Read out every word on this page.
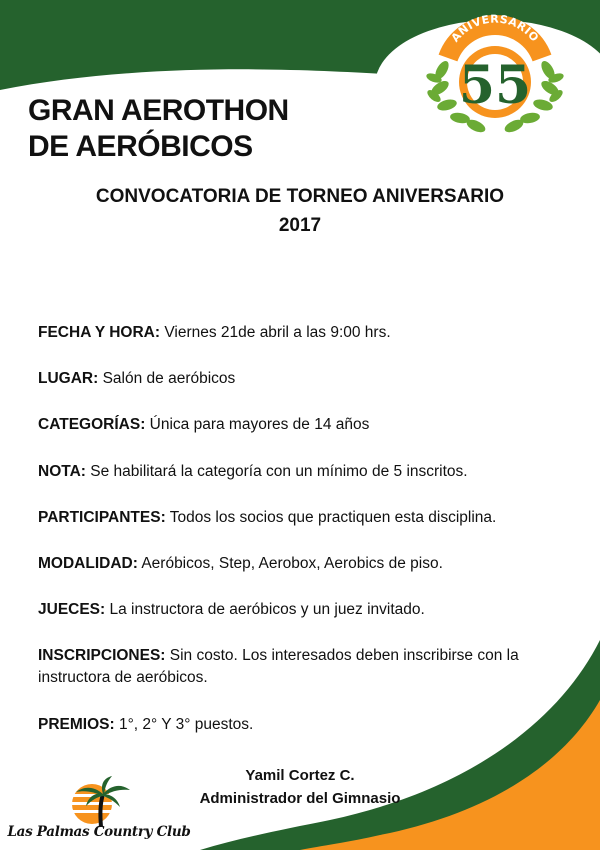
ANIVERSARIO
55
GRAN AEROTHON
DE AERÓBICOS
CONVOCATORIA DE TORNEO ANIVERSARIO
2017

FECHA Y HORA: Viernes 21de abril a las 9:00 hrs.

LUGAR: Salón de aeróbicos

CATEGORÍAS: Única para mayores de 14 años

NOTA: Se habilitará la categoría con un mínimo de 5 inscritos.

PARTICIPANTES: Todos los socios que practiquen esta disciplina.

MODALIDAD: Aeróbicos, Step, Aerobox, Aerobics de piso.

JUECES: La instructora de aeróbicos y un juez invitado.

INSCRIPCIONES: Sin costo. Los interesados deben inscribirse con la instructora de aeróbicos.

PREMIOS: 1°, 2° Y 3° puestos.

Yamil Cortez C.
Administrador del Gimnasio
Las Palmas Country Club
